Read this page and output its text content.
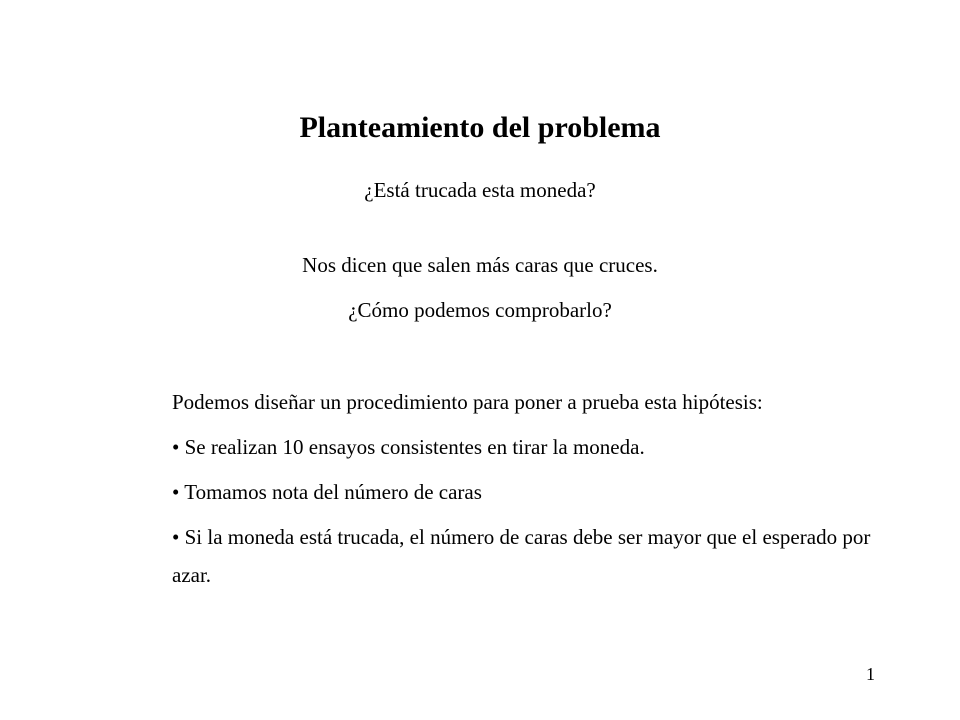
Planteamiento del problema
¿Está trucada esta moneda?
Nos dicen que salen más caras que cruces.
¿Cómo podemos comprobarlo?

Podemos diseñar un procedimiento para poner a prueba esta hipótesis:

• Se realizan 10 ensayos consistentes en tirar la moneda.

• Tomamos nota del número de caras

• Si la moneda está trucada, el número de caras debe ser mayor que el esperado por azar.

1
